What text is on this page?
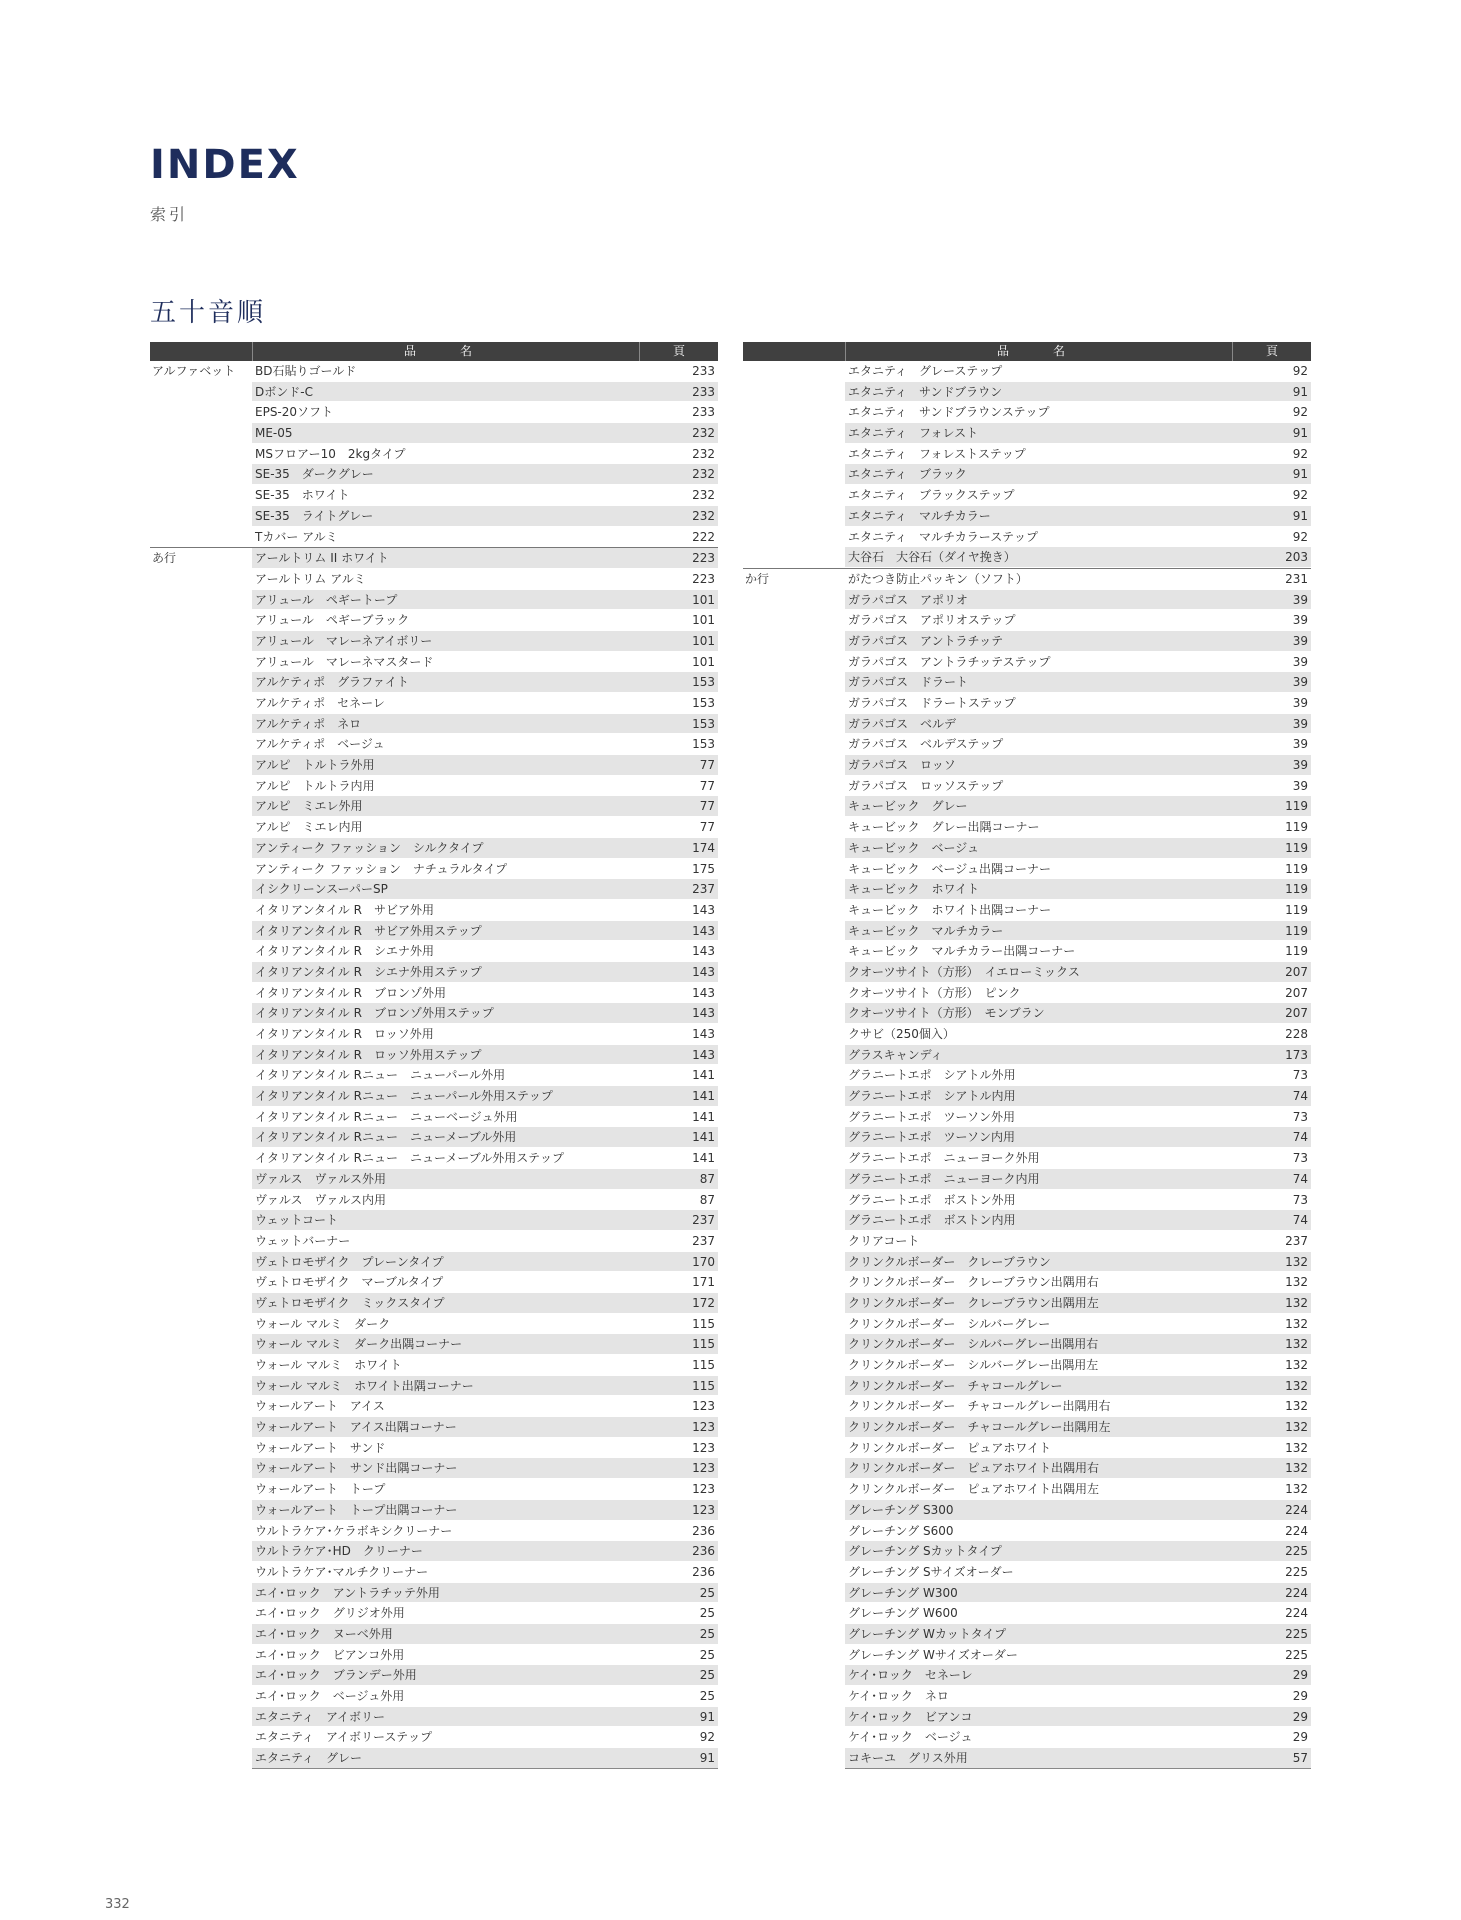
INDEX
索引
五十音順
品　名	頁
アルファベット	BD石貼りゴールド	233
Dボンド-C	233
EPS-20ソフト	233
ME-05	232
MSフロアー10　2kgタイプ	232
SE-35　ダークグレー	232
SE-35　ホワイト	232
SE-35　ライトグレー	232
Tカバー アルミ	222
あ行	アールトリム II ホワイト	223
アールトリム アルミ	223
アリュール　ペギートープ	101
アリュール　ペギーブラック	101
アリュール　マレーネアイボリー	101
アリュール　マレーネマスタード	101
アルケティポ　グラファイト	153
アルケティポ　セネーレ	153
アルケティポ　ネロ	153
アルケティポ　ベージュ	153
アルピ　トルトラ外用	77
アルピ　トルトラ内用	77
アルピ　ミエレ外用	77
アルピ　ミエレ内用	77
アンティーク ファッション　シルクタイプ	174
アンティーク ファッション　ナチュラルタイプ	175
イシクリーンスーパーSP	237
イタリアンタイル R　サビア外用	143
イタリアンタイル R　サビア外用ステップ	143
イタリアンタイル R　シエナ外用	143
イタリアンタイル R　シエナ外用ステップ	143
イタリアンタイル R　ブロンゾ外用	143
イタリアンタイル R　ブロンゾ外用ステップ	143
イタリアンタイル R　ロッソ外用	143
イタリアンタイル R　ロッソ外用ステップ	143
イタリアンタイル Rニュー　ニューパール外用	141
イタリアンタイル Rニュー　ニューパール外用ステップ	141
イタリアンタイル Rニュー　ニューベージュ外用	141
イタリアンタイル Rニュー　ニューメーブル外用	141
イタリアンタイル Rニュー　ニューメーブル外用ステップ	141
ヴァルス　ヴァルス外用	87
ヴァルス　ヴァルス内用	87
ウェットコート	237
ウェットバーナー	237
ヴェトロモザイク　プレーンタイプ	170
ヴェトロモザイク　マーブルタイプ	171
ヴェトロモザイク　ミックスタイプ	172
ウォール マルミ　ダーク	115
ウォール マルミ　ダーク出隅コーナー	115
ウォール マルミ　ホワイト	115
ウォール マルミ　ホワイト出隅コーナー	115
ウォールアート　アイス	123
ウォールアート　アイス出隅コーナー	123
ウォールアート　サンド	123
ウォールアート　サンド出隅コーナー	123
ウォールアート　トープ	123
ウォールアート　トープ出隅コーナー	123
ウルトラケア･ケラボキシクリーナー	236
ウルトラケア･HD　クリーナー	236
ウルトラケア･マルチクリーナー	236
エイ･ロック　アントラチッテ外用	25
エイ･ロック　グリジオ外用	25
エイ･ロック　ヌーベ外用	25
エイ･ロック　ビアンコ外用	25
エイ･ロック　ブランデー外用	25
エイ･ロック　ベージュ外用	25
エタニティ　アイボリー	91
エタニティ　アイボリーステップ	92
エタニティ　グレー	91
品　名	頁
エタニティ　グレーステップ	92
エタニティ　サンドブラウン	91
エタニティ　サンドブラウンステップ	92
エタニティ　フォレスト	91
エタニティ　フォレストステップ	92
エタニティ　ブラック	91
エタニティ　ブラックステップ	92
エタニティ　マルチカラー	91
エタニティ　マルチカラーステップ	92
大谷石　大谷石（ダイヤ挽き）	203
か行	がたつき防止パッキン（ソフト）	231
ガラパゴス　アポリオ	39
ガラパゴス　アポリオステップ	39
ガラパゴス　アントラチッテ	39
ガラパゴス　アントラチッテステップ	39
ガラパゴス　ドラート	39
ガラパゴス　ドラートステップ	39
ガラパゴス　ベルデ	39
ガラパゴス　ベルデステップ	39
ガラパゴス　ロッソ	39
ガラパゴス　ロッソステップ	39
キュービック　グレー	119
キュービック　グレー出隅コーナー	119
キュービック　ベージュ	119
キュービック　ベージュ出隅コーナー	119
キュービック　ホワイト	119
キュービック　ホワイト出隅コーナー	119
キュービック　マルチカラー	119
キュービック　マルチカラー出隅コーナー	119
クオーツサイト（方形）　イエローミックス	207
クオーツサイト（方形）　ピンク	207
クオーツサイト（方形）　モンブラン	207
クサビ（250個入）	228
グラスキャンディ	173
グラニートエポ　シアトル外用	73
グラニートエポ　シアトル内用	74
グラニートエポ　ツーソン外用	73
グラニートエポ　ツーソン内用	74
グラニートエポ　ニューヨーク外用	73
グラニートエポ　ニューヨーク内用	74
グラニートエポ　ボストン外用	73
グラニートエポ　ボストン内用	74
クリアコート	237
クリンクルボーダー　クレーブラウン	132
クリンクルボーダー　クレーブラウン出隅用右	132
クリンクルボーダー　クレーブラウン出隅用左	132
クリンクルボーダー　シルバーグレー	132
クリンクルボーダー　シルバーグレー出隅用右	132
クリンクルボーダー　シルバーグレー出隅用左	132
クリンクルボーダー　チャコールグレー	132
クリンクルボーダー　チャコールグレー出隅用右	132
クリンクルボーダー　チャコールグレー出隅用左	132
クリンクルボーダー　ピュアホワイト	132
クリンクルボーダー　ピュアホワイト出隅用右	132
クリンクルボーダー　ピュアホワイト出隅用左	132
グレーチング S300	224
グレーチング S600	224
グレーチング Sカットタイプ	225
グレーチング Sサイズオーダー	225
グレーチング W300	224
グレーチング W600	224
グレーチング Wカットタイプ	225
グレーチング Wサイズオーダー	225
ケイ･ロック　セネーレ	29
ケイ･ロック　ネロ	29
ケイ･ロック　ビアンコ	29
ケイ･ロック　ベージュ	29
コキーユ　グリス外用	57
332
